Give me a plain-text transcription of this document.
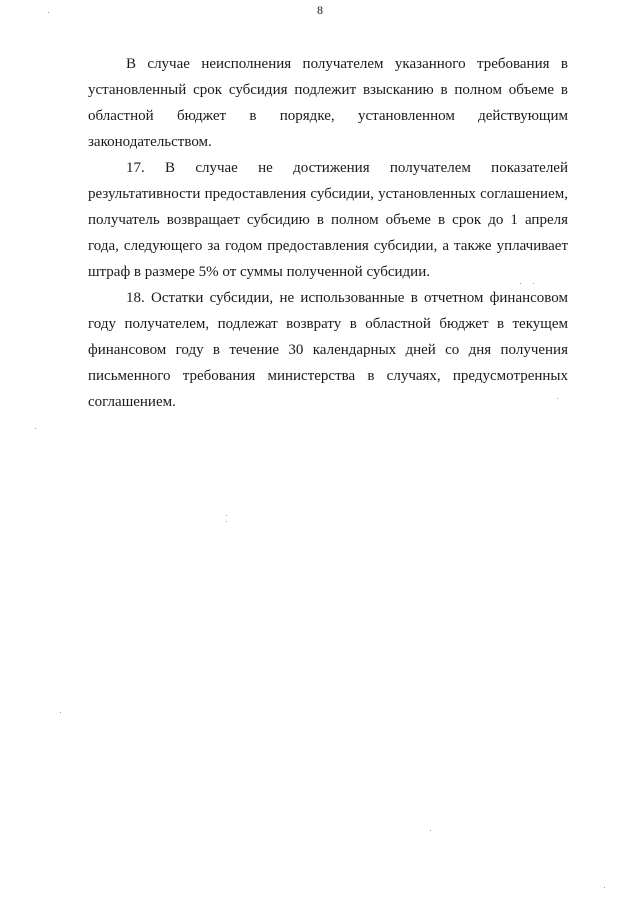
8

В случае неисполнения получателем указанного требования в установленный срок субсидия подлежит взысканию в полном объеме в областной бюджет в порядке, установленном действующим законодательством.

17. В случае не достижения получателем показателей результативности предоставления субсидии, установленных соглашением, получатель возвращает субсидию в полном объеме в срок до 1 апреля года, следующего за годом предоставления субсидии, а также уплачивает штраф в размере 5% от суммы полученной субсидии.

18. Остатки субсидии, не использованные в отчетном финансовом году получателем, подлежат возврату в областной бюджет в текущем финансовом году в течение 30 календарных дней со дня получения письменного требования министерства в случаях, предусмотренных соглашением.
